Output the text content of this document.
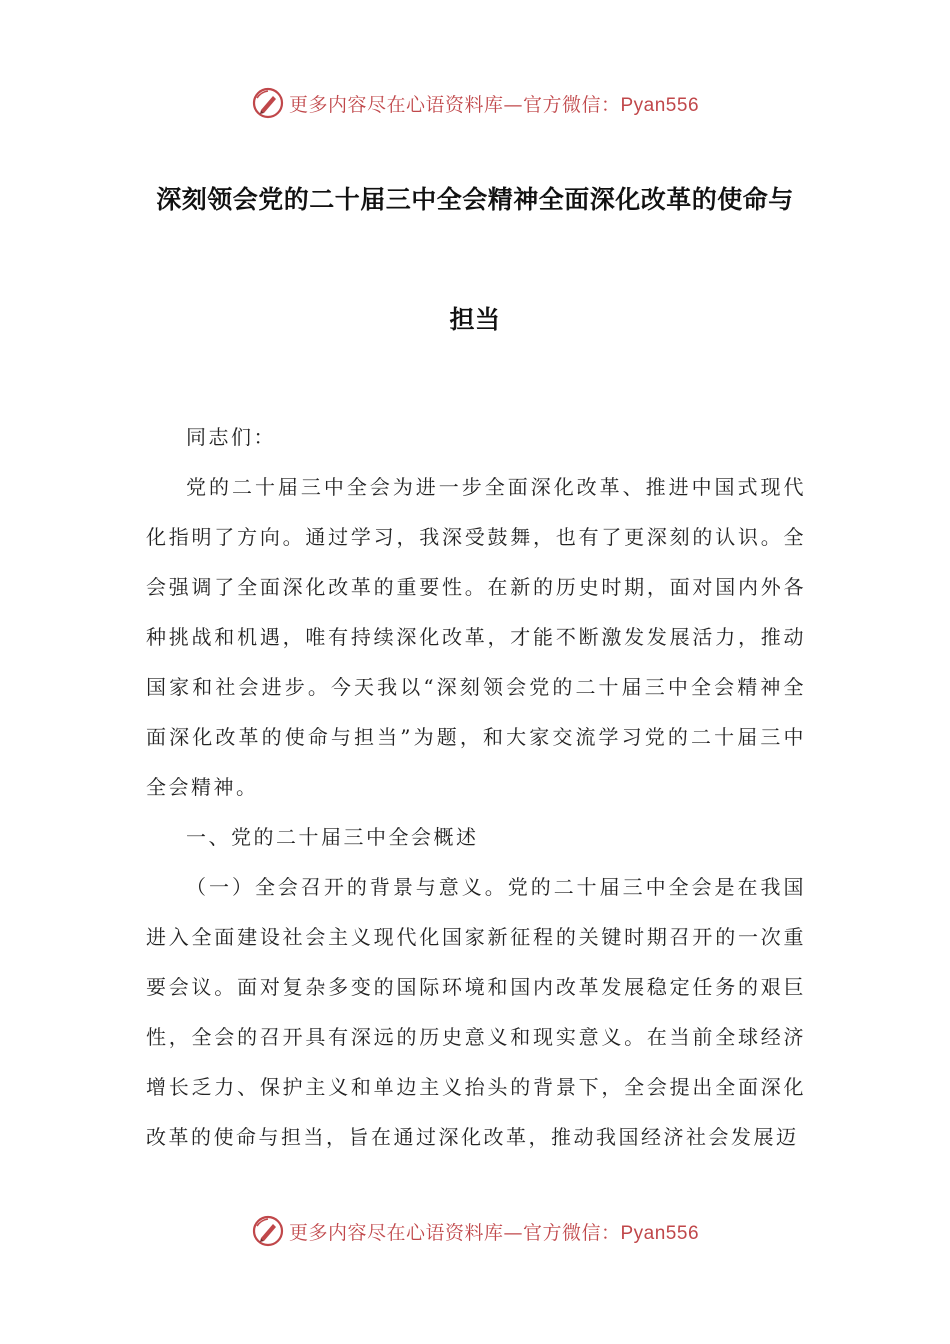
更多内容尽在心语资料库—官方微信：Pyan556
深刻领会党的二十届三中全会精神全面深化改革的使命与
担当

同志们：

党的二十届三中全会为进一步全面深化改革、推进中国式现代化指明了方向。通过学习，我深受鼓舞，也有了更深刻的认识。全会强调了全面深化改革的重要性。在新的历史时期，面对国内外各种挑战和机遇，唯有持续深化改革，才能不断激发发展活力，推动国家和社会进步。今天我以“深刻领会党的二十届三中全会精神全面深化改革的使命与担当”为题，和大家交流学习党的二十届三中全会精神。

一、党的二十届三中全会概述

（一）全会召开的背景与意义。党的二十届三中全会是在我国进入全面建设社会主义现代化国家新征程的关键时期召开的一次重要会议。面对复杂多变的国际环境和国内改革发展稳定任务的艰巨性，全会的召开具有深远的历史意义和现实意义。在当前全球经济增长乏力、保护主义和单边主义抬头的背景下，全会提出全面深化改革的使命与担当，旨在通过深化改革，推动我国经济社会发展迈

更多内容尽在心语资料库—官方微信：Pyan556
